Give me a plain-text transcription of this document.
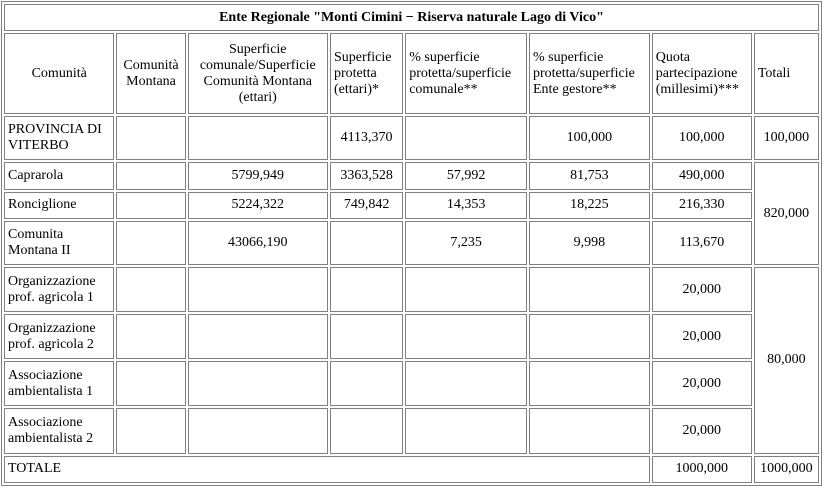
Ente Regionale "Monti Cimini − Riserva naturale Lago di Vico"							
Comunità	Comunità Montana	Superficie comunale/Superficie Comunità Montana (ettari)	Superficie protetta (ettari)*	% superficie protetta/superficie comunale**	% superficie protetta/superficie Ente gestore**	Quota partecipazione (millesimi)***	Totali
PROVINCIA DI VITERBO			4113,370		100,000	100,000	100,000
Caprarola		5799,949	3363,528	57,992	81,753	490,000	820,000
Ronciglione		5224,322	749,842	14,353	18,225	216,330	
Comunita Montana II		43066,190		7,235	9,998	113,670	
Organizzazione prof. agricola 1						20,000	80,000
Organizzazione prof. agricola 2						20,000	
Associazione ambientalista 1						20,000	
Associazione ambientalista 2						20,000	
TOTALE						1000,000	1000,000
